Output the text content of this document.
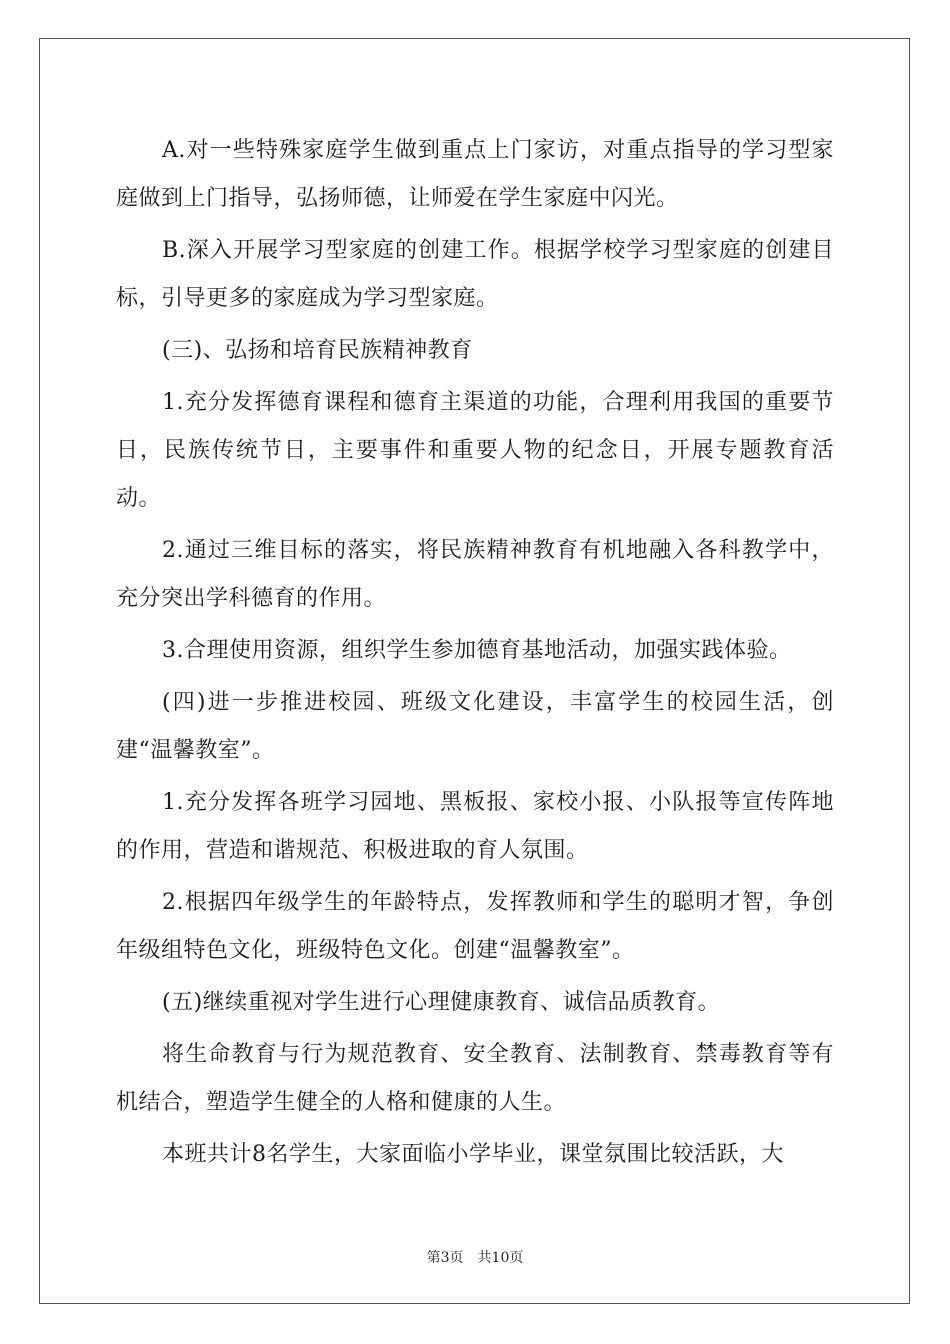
A.对一些特殊家庭学生做到重点上门家访，对重点指导的学习型家庭做到上门指导，弘扬师德，让师爱在学生家庭中闪光。

B.深入开展学习型家庭的创建工作。根据学校学习型家庭的创建目标，引导更多的家庭成为学习型家庭。

(三)、弘扬和培育民族精神教育

1.充分发挥德育课程和德育主渠道的功能，合理利用我国的重要节日，民族传统节日，主要事件和重要人物的纪念日，开展专题教育活动。

2.通过三维目标的落实，将民族精神教育有机地融入各科教学中，充分突出学科德育的作用。

3.合理使用资源，组织学生参加德育基地活动，加强实践体验。

(四)进一步推进校园、班级文化建设，丰富学生的校园生活，创建“温馨教室”。

1.充分发挥各班学习园地、黑板报、家校小报、小队报等宣传阵地的作用，营造和谐规范、积极进取的育人氛围。

2.根据四年级学生的年龄特点，发挥教师和学生的聪明才智，争创年级组特色文化，班级特色文化。创建“温馨教室”。

(五)继续重视对学生进行心理健康教育、诚信品质教育。

将生命教育与行为规范教育、安全教育、法制教育、禁毒教育等有机结合，塑造学生健全的人格和健康的人生。

本班共计8名学生，大家面临小学毕业，课堂氛围比较活跃，大

第3页　共10页
